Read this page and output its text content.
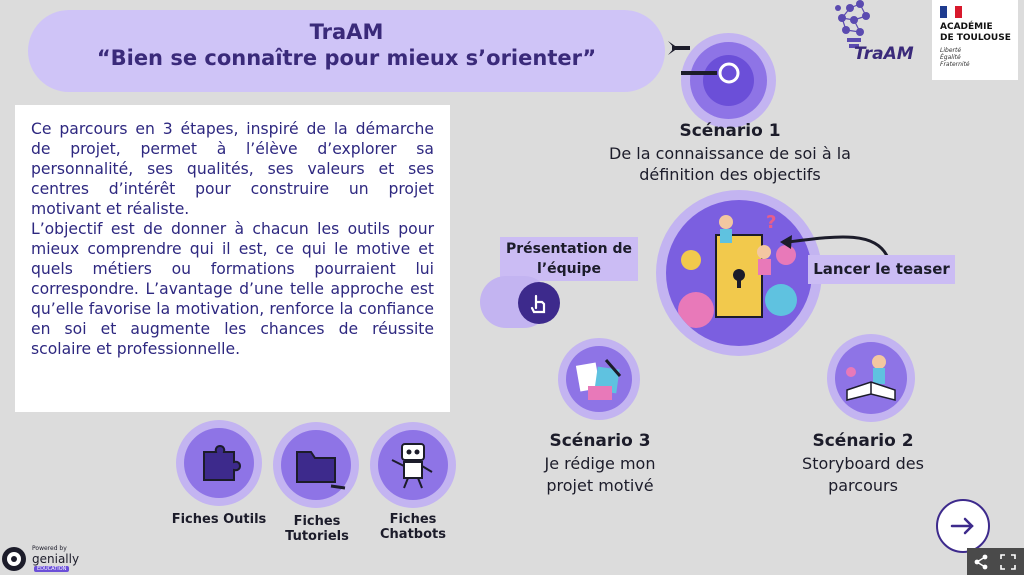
TraAM
“Bien se connaître pour mieux s’orienter”

Ce parcours en 3 étapes, inspiré de la démarche de projet, permet à l’élève d’explorer sa personnalité, ses qualités, ses valeurs et ses centres d’intérêt pour construire un projet motivant et réaliste.

L’objectif est de donner à chacun les outils pour mieux comprendre qui il est, ce qui le motive et quels métiers ou formations pourraient lui correspondre. L’avantage d’une telle approche est qu’elle favorise la motivation, renforce la confiance en soi et augmente les chances de réussite scolaire et professionnelle.

TraAM
ACADÉMIE
DE TOULOUSE
Liberté
Égalité
Fraternité
Scénario 1
De la connaissance de soi à la
définition des objectifs
?
Lancer le teaser
Présentation de
l’équipe
Scénario 3
Je rédige mon
projet motivé
Scénario 2
Storyboard des
parcours
Fiches Outils	Fiches
Tutoriels
Fiches
Chatbots
Powered by
genially
EDUCATION
